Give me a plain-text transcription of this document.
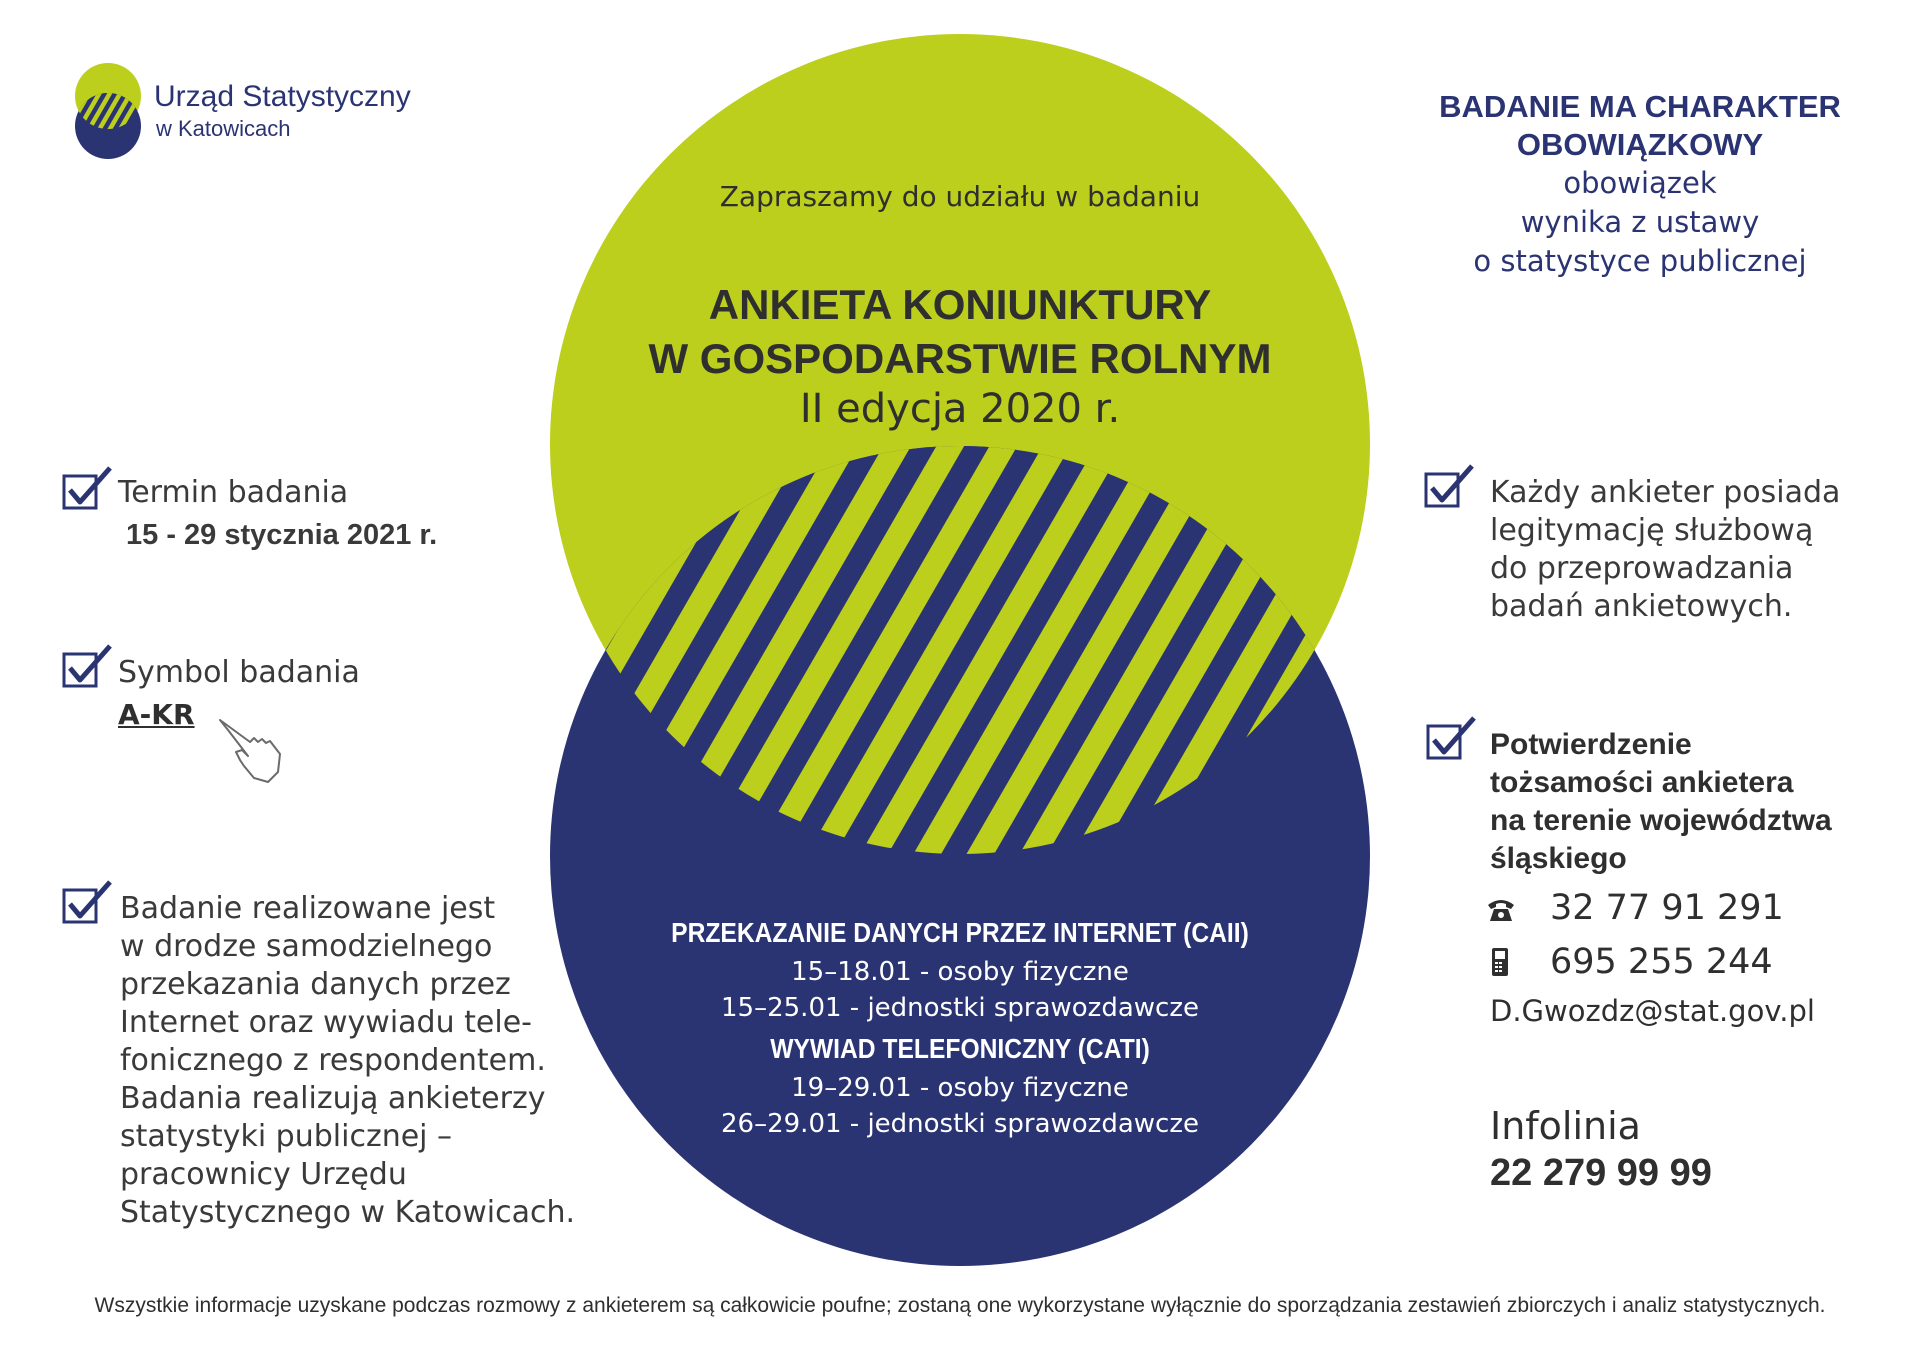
Urząd Statystyczny
w Katowicach
BADANIE MA CHARAKTER
OBOWIĄZKOWY
obowiązek
wynika z ustawy
o statystyce publicznej
Zapraszamy do udziału w badaniu
ANKIETA KONIUNKTURY
W GOSPODARSTWIE ROLNYM
II edycja 2020 r.
PRZEKAZANIE DANYCH PRZEZ INTERNET (CAII)
15–18.01 - osoby fizyczne
15–25.01 - jednostki sprawozdawcze
WYWIAD TELEFONICZNY (CATI)
19–29.01 - osoby fizyczne
26–29.01 - jednostki sprawozdawcze
Termin badania
15 - 29 stycznia 2021 r.
Symbol badania
A-KR
Badanie realizowane jest
w drodze samodzielnego
przekazania danych przez
Internet oraz wywiadu tele-
fonicznego z respondentem.
Badania realizują ankieterzy
statystyki publicznej –
pracownicy Urzędu
Statystycznego w Katowicach.
Każdy ankieter posiada
legitymację służbową
do przeprowadzania
badań ankietowych.
Potwierdzenie
tożsamości ankietera
na terenie województwa
śląskiego
32 77 91 291
695 255 244
D.Gwozdz@stat.gov.pl
Infolinia
22 279 99 99
Wszystkie informacje uzyskane podczas rozmowy z ankieterem są całkowicie poufne; zostaną one wykorzystane wyłącznie do sporządzania zestawień zbiorczych i analiz statystycznych.
